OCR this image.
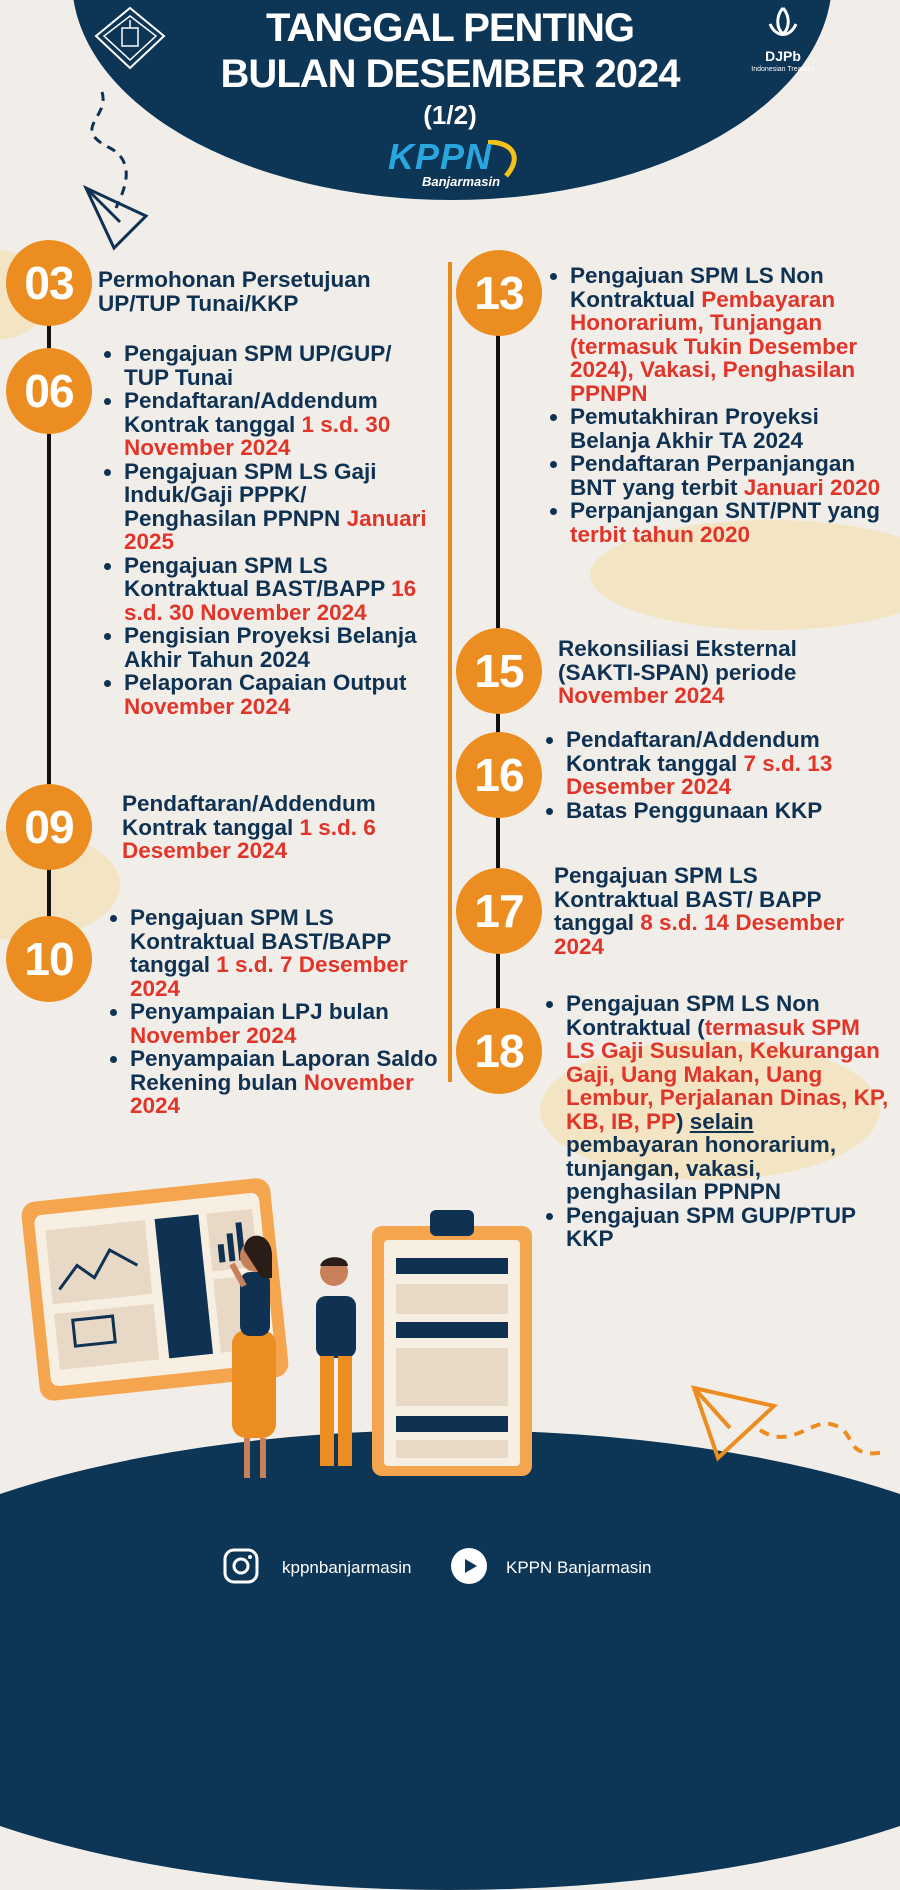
DJPb
Indonesian Treasury
TANGGAL PENTING
BULAN DESEMBER 2024
(1/2)
KPPN
Banjarmasin
03	Permohonan Persetujuan UP/TUP Tunai/KKP
06
• Pengajuan SPM UP/GUP/ TUP Tunai
• Pendaftaran/Addendum Kontrak tanggal 1 s.d. 30 November 2024
• Pengajuan SPM LS Gaji Induk/Gaji PPPK/ Penghasilan PPNPN Januari 2025
• Pengajuan SPM LS Kontraktual BAST/BAPP 16 s.d. 30 November 2024
• Pengisian Proyeksi Belanja Akhir Tahun 2024
• Pelaporan Capaian Output November 2024
09	Pendaftaran/Addendum Kontrak tanggal 1 s.d. 6 Desember 2024
10
• Pengajuan SPM LS Kontraktual BAST/BAPP tanggal 1 s.d. 7 Desember 2024
• Penyampaian LPJ bulan November 2024
• Penyampaian Laporan Saldo Rekening bulan November 2024
13
•	Pengajuan SPM LS Non Kontraktual Pembayaran Honorarium, Tunjangan (termasuk Tukin Desember 2024), Vakasi, Penghasilan PPNPN
• Pemutakhiran Proyeksi Belanja Akhir TA 2024
• Pendaftaran Perpanjangan BNT yang terbit Januari 2020
• Perpanjangan SNT/PNT yang terbit tahun 2020
15	Rekonsiliasi Eksternal (SAKTI-SPAN) periode November 2024
16
• Pendaftaran/Addendum Kontrak tanggal 7 s.d. 13 Desember 2024
• Batas Penggunaan KKP
17
Pengajuan SPM LS Kontraktual BAST/ BAPP tanggal 8 s.d. 14 Desember 2024
18
• Pengajuan SPM LS Non Kontraktual (termasuk SPM LS Gaji Susulan, Kekurangan Gaji, Uang Makan, Uang Lembur, Perjalanan Dinas, KP, KB, IB, PP) selain pembayaran honorarium, tunjangan, vakasi, penghasilan PPNPN
• Pengajuan SPM GUP/PTUP KKP
kppnbanjarmasin	KPPN Banjarmasin
